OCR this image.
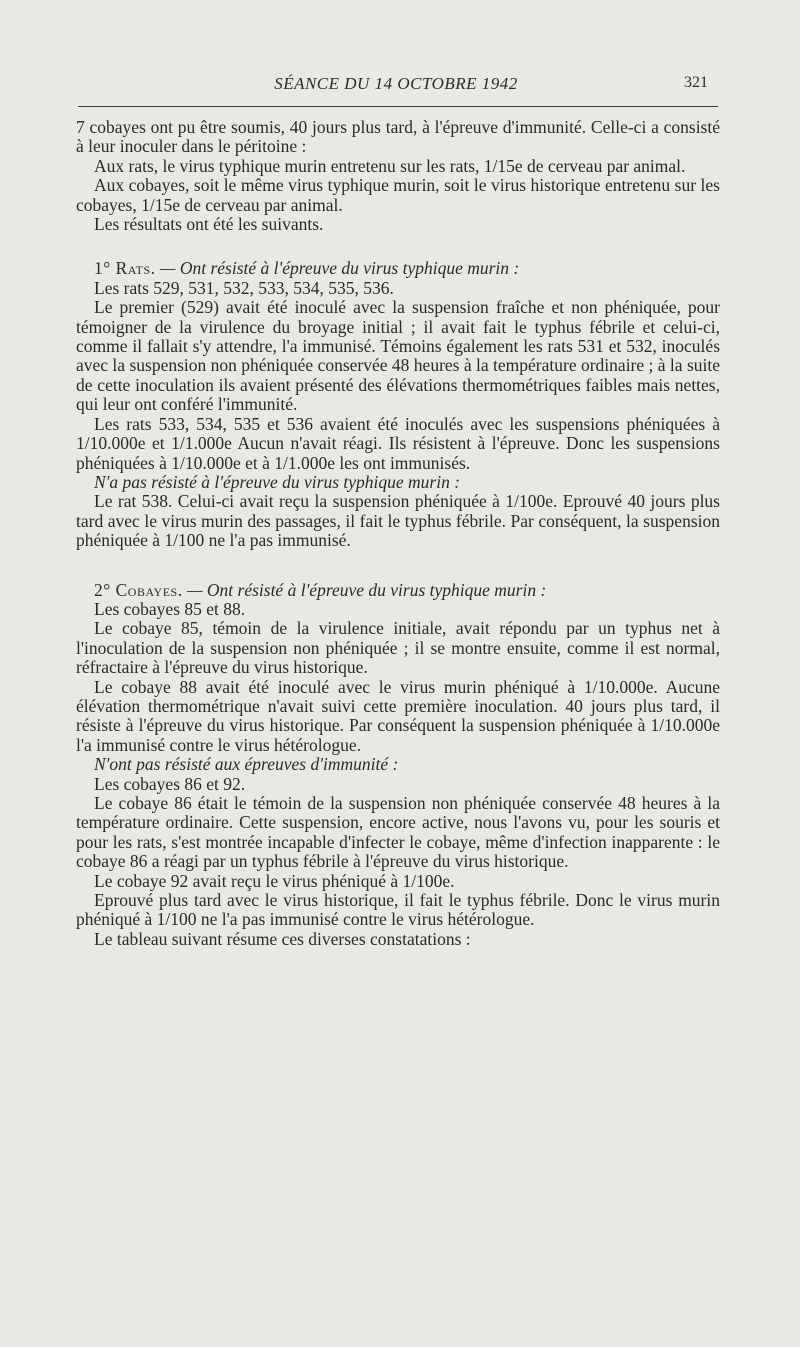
SÉANCE DU 14 OCTOBRE 1942	321

7 cobayes ont pu être soumis, 40 jours plus tard, à l'épreuve d'immunité. Celle-ci a consisté à leur inoculer dans le péritoine :

Aux rats, le virus typhique murin entretenu sur les rats, 1/15e de cerveau par animal.

Aux cobayes, soit le même virus typhique murin, soit le virus historique entretenu sur les cobayes, 1/15e de cerveau par animal.

Les résultats ont été les suivants.

1° Rats. — Ont résisté à l'épreuve du virus typhique murin :

Les rats 529, 531, 532, 533, 534, 535, 536.

Le premier (529) avait été inoculé avec la suspension fraîche et non phéniquée, pour témoigner de la virulence du broyage initial ; il avait fait le typhus fébrile et celui-ci, comme il fallait s'y attendre, l'a immunisé. Témoins également les rats 531 et 532, inoculés avec la suspension non phéniquée conservée 48 heures à la température ordinaire ; à la suite de cette inoculation ils avaient présenté des élévations thermométriques faibles mais nettes, qui leur ont conféré l'immunité.

Les rats 533, 534, 535 et 536 avaient été inoculés avec les suspensions phéniquées à 1/10.000e et 1/1.000e Aucun n'avait réagi. Ils résistent à l'épreuve. Donc les suspensions phéniquées à 1/10.000e et à 1/1.000e les ont immunisés.

N'a pas résisté à l'épreuve du virus typhique murin :

Le rat 538. Celui-ci avait reçu la suspension phéniquée à 1/100e. Eprouvé 40 jours plus tard avec le virus murin des passages, il fait le typhus fébrile. Par conséquent, la suspension phéniquée à 1/100 ne l'a pas immunisé.

2° Cobayes. — Ont résisté à l'épreuve du virus typhique murin :

Les cobayes 85 et 88.

Le cobaye 85, témoin de la virulence initiale, avait répondu par un typhus net à l'inoculation de la suspension non phéniquée ; il se montre ensuite, comme il est normal, réfractaire à l'épreuve du virus historique.

Le cobaye 88 avait été inoculé avec le virus murin phéniqué à 1/10.000e. Aucune élévation thermométrique n'avait suivi cette première inoculation. 40 jours plus tard, il résiste à l'épreuve du virus historique. Par conséquent la suspension phéniquée à 1/10.000e l'a immunisé contre le virus hétérologue.

N'ont pas résisté aux épreuves d'immunité :

Les cobayes 86 et 92.

Le cobaye 86 était le témoin de la suspension non phéniquée conservée 48 heures à la température ordinaire. Cette suspension, encore active, nous l'avons vu, pour les souris et pour les rats, s'est montrée incapable d'infecter le cobaye, même d'infection inapparente : le cobaye 86 a réagi par un typhus fébrile à l'épreuve du virus historique.

Le cobaye 92 avait reçu le virus phéniqué à 1/100e.

Eprouvé plus tard avec le virus historique, il fait le typhus fébrile. Donc le virus murin phéniqué à 1/100 ne l'a pas immunisé contre le virus hétérologue.

Le tableau suivant résume ces diverses constatations :
